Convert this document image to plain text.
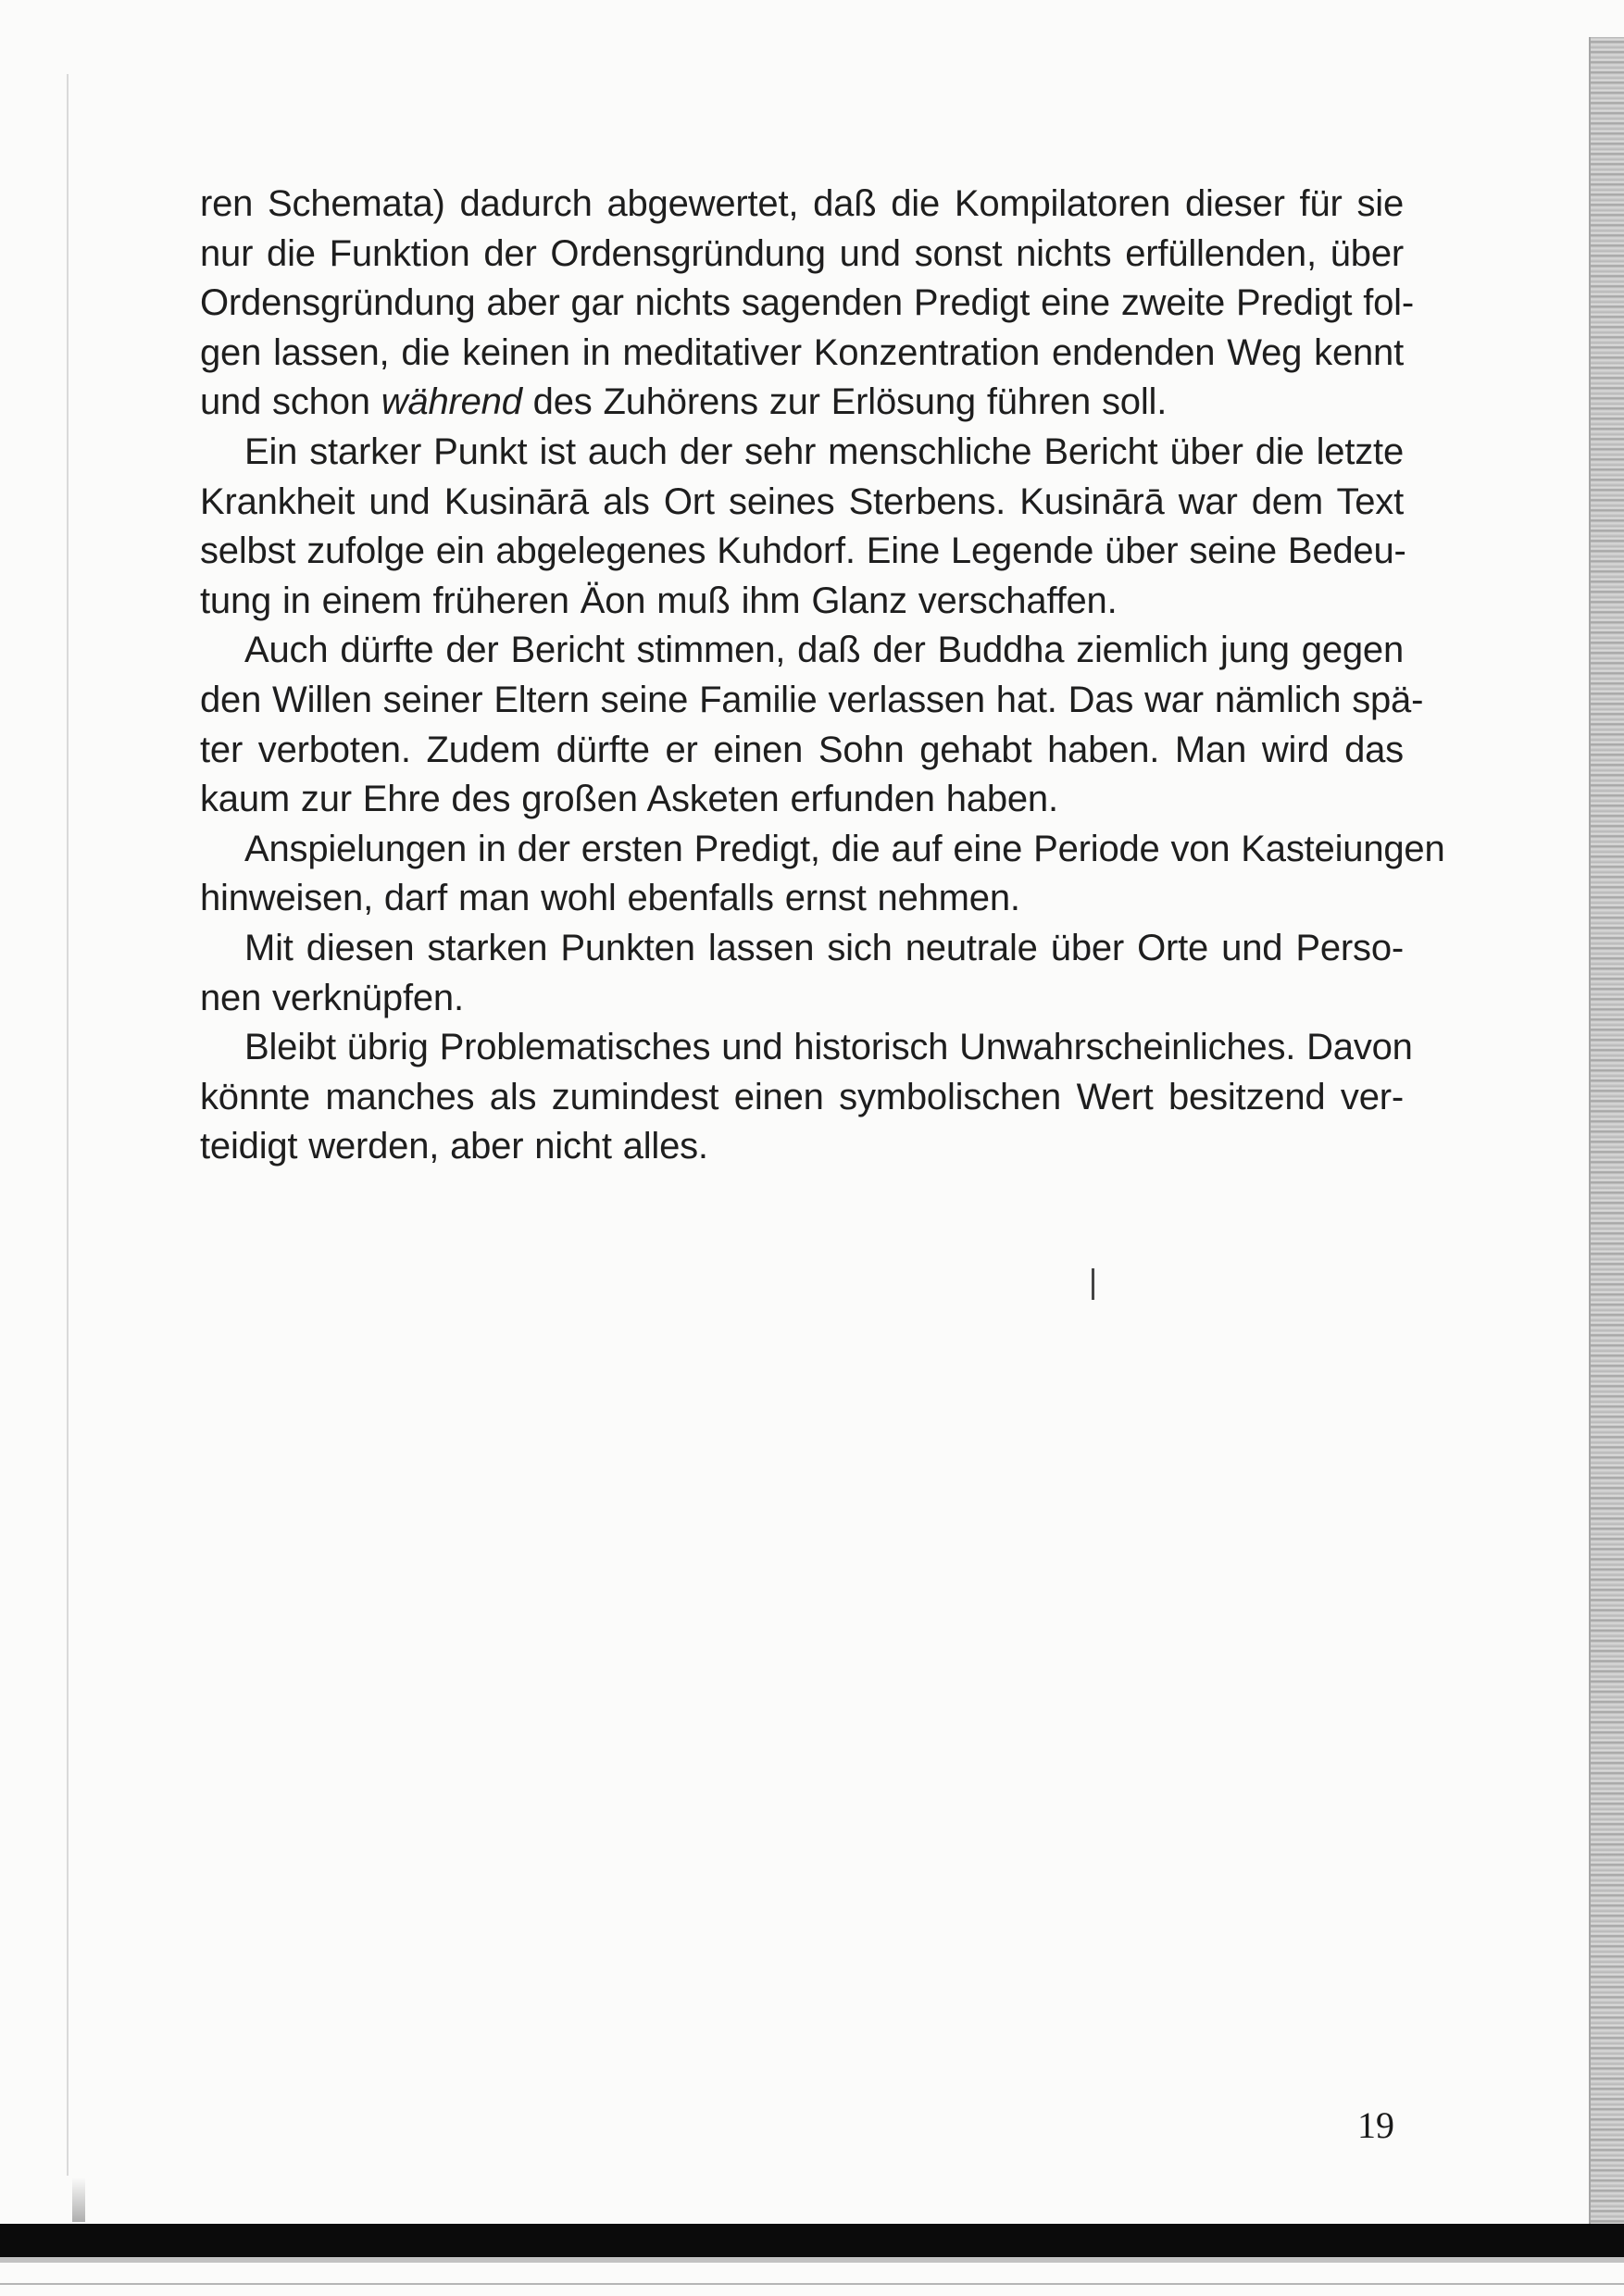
ren Schemata) dadurch abgewertet, daß die Kompilatoren dieser für sie
nur die Funktion der Ordensgründung und sonst nichts erfüllenden, über
Ordensgründung aber gar nichts sagenden Predigt eine zweite Predigt fol-
gen lassen, die keinen in meditativer Konzentration endenden Weg kennt
und schon während des Zuhörens zur Erlösung führen soll.
Ein starker Punkt ist auch der sehr menschliche Bericht über die letzte
Krankheit und Kusinārā als Ort seines Sterbens. Kusinārā war dem Text
selbst zufolge ein abgelegenes Kuhdorf. Eine Legende über seine Bedeu-
tung in einem früheren Äon muß ihm Glanz verschaffen.
Auch dürfte der Bericht stimmen, daß der Buddha ziemlich jung gegen
den Willen seiner Eltern seine Familie verlassen hat. Das war nämlich spä-
ter verboten. Zudem dürfte er einen Sohn gehabt haben. Man wird das
kaum zur Ehre des großen Asketen erfunden haben.
Anspielungen in der ersten Predigt, die auf eine Periode von Kasteiungen
hinweisen, darf man wohl ebenfalls ernst nehmen.
Mit diesen starken Punkten lassen sich neutrale über Orte und Perso-
nen verknüpfen.
Bleibt übrig Problematisches und historisch Unwahrscheinliches. Davon
könnte manches als zumindest einen symbolischen Wert besitzend ver-
teidigt werden, aber nicht alles.
19
